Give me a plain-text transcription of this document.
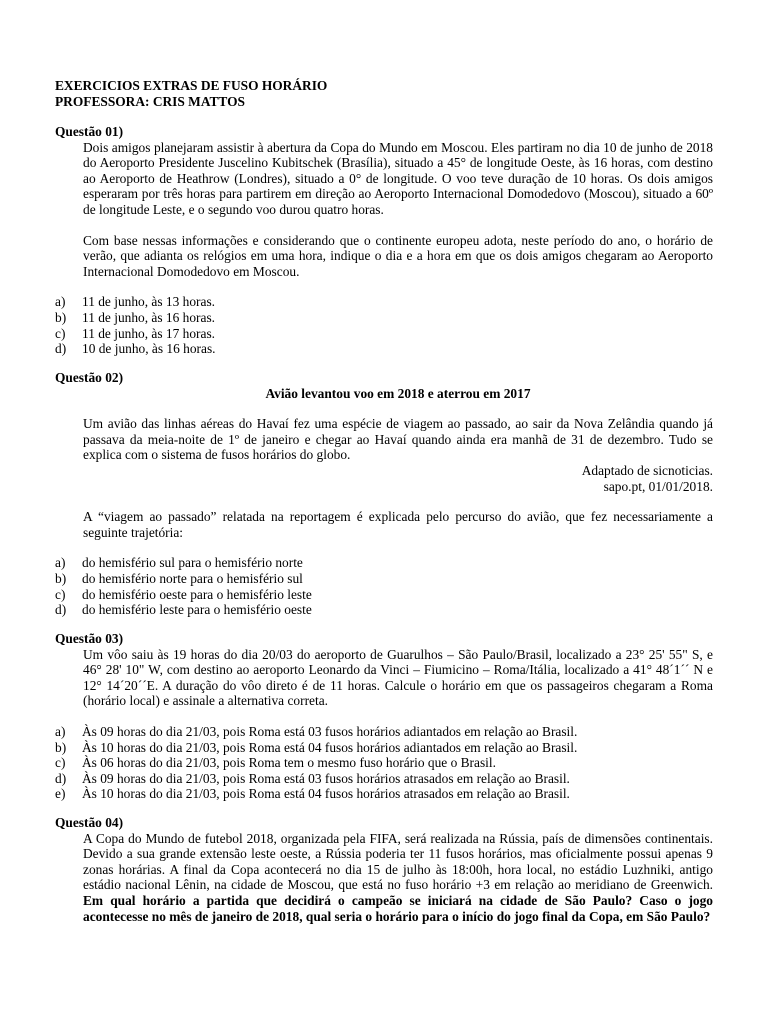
EXERCICIOS EXTRAS DE FUSO HORÁRIO
PROFESSORA: CRIS MATTOS
Questão 01)
Dois amigos planejaram assistir à abertura da Copa do Mundo em Moscou. Eles partiram no dia 10 de junho de 2018 do Aeroporto Presidente Juscelino Kubitschek (Brasília), situado a 45° de longitude Oeste, às 16 horas, com destino ao Aeroporto de Heathrow (Londres), situado a 0° de longitude. O voo teve duração de 10 horas. Os dois amigos esperaram por três horas para partirem em direção ao Aeroporto Internacional Domodedovo (Moscou), situado a 60º de longitude Leste, e o segundo voo durou quatro horas.
Com base nessas informações e considerando que o continente europeu adota, neste período do ano, o horário de verão, que adianta os relógios em uma hora, indique o dia e a hora em que os dois amigos chegaram ao Aeroporto Internacional Domodedovo em Moscou.
a)	11 de junho, às 13 horas.
b)	11 de junho, às 16 horas.
c)	11 de junho, às 17 horas.
d)	10 de junho, às 16 horas.
Questão 02)
Avião levantou voo em 2018 e aterrou em 2017
Um avião das linhas aéreas do Havaí fez uma espécie de viagem ao passado, ao sair da Nova Zelândia quando já passava da meia-noite de 1º de janeiro e chegar ao Havaí quando ainda era manhã de 31 de dezembro. Tudo se explica com o sistema de fusos horários do globo.
Adaptado de sicnoticias.
sapo.pt, 01/01/2018.
A “viagem ao passado” relatada na reportagem é explicada pelo percurso do avião, que fez necessariamente a seguinte trajetória:
a)	do hemisfério sul para o hemisfério norte
b)	do hemisfério norte para o hemisfério sul
c)	do hemisfério oeste para o hemisfério leste
d)	do hemisfério leste para o hemisfério oeste
Questão 03)
Um vôo saiu às 19 horas do dia 20/03 do aeroporto de Guarulhos – São Paulo/Brasil, localizado a 23° 25' 55" S, e 46° 28' 10" W, com destino ao aeroporto Leonardo da Vinci – Fiumicino – Roma/Itália, localizado a 41° 48´1´´ N e 12° 14´20´´E. A duração do vôo direto é de 11 horas. Calcule o horário em que os passageiros chegaram a Roma (horário local) e assinale a alternativa correta.
a)	Às 09 horas do dia 21/03, pois Roma está 03 fusos horários adiantados em relação ao Brasil.
b)	Às 10 horas do dia 21/03, pois Roma está 04 fusos horários adiantados em relação ao Brasil.
c)	Às 06 horas do dia 21/03, pois Roma tem o mesmo fuso horário que o Brasil.
d)	Às 09 horas do dia 21/03, pois Roma está 03 fusos horários atrasados em relação ao Brasil.
e)	Às 10 horas do dia 21/03, pois Roma está 04 fusos horários atrasados em relação ao Brasil.
Questão 04)
A Copa do Mundo de futebol 2018, organizada pela FIFA, será realizada na Rússia, país de dimensões continentais. Devido a sua grande extensão leste oeste, a Rússia poderia ter 11 fusos horários, mas oficialmente possui apenas 9 zonas horárias. A final da Copa acontecerá no dia 15 de julho às 18:00h, hora local, no estádio Luzhniki, antigo estádio nacional Lênin, na cidade de Moscou, que está no fuso horário +3 em relação ao meridiano de Greenwich. Em qual horário a partida que decidirá o campeão se iniciará na cidade de São Paulo? Caso o jogo acontecesse no mês de janeiro de 2018, qual seria o horário para o início do jogo final da Copa, em São Paulo?
